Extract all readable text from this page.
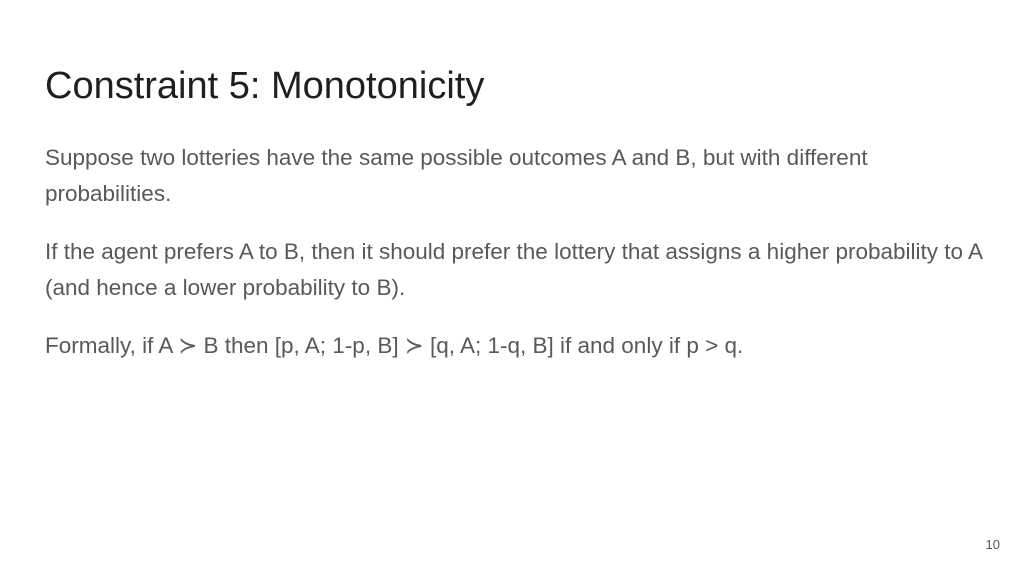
Constraint 5: Monotonicity

Suppose two lotteries have the same possible outcomes A and B, but with different probabilities.

If the agent prefers A to B, then it should prefer the lottery that assigns a higher probability to A (and hence a lower probability to B).

Formally, if A ≻ B then [p, A; 1-p, B] ≻ [q, A; 1-q, B] if and only if p > q.

10
